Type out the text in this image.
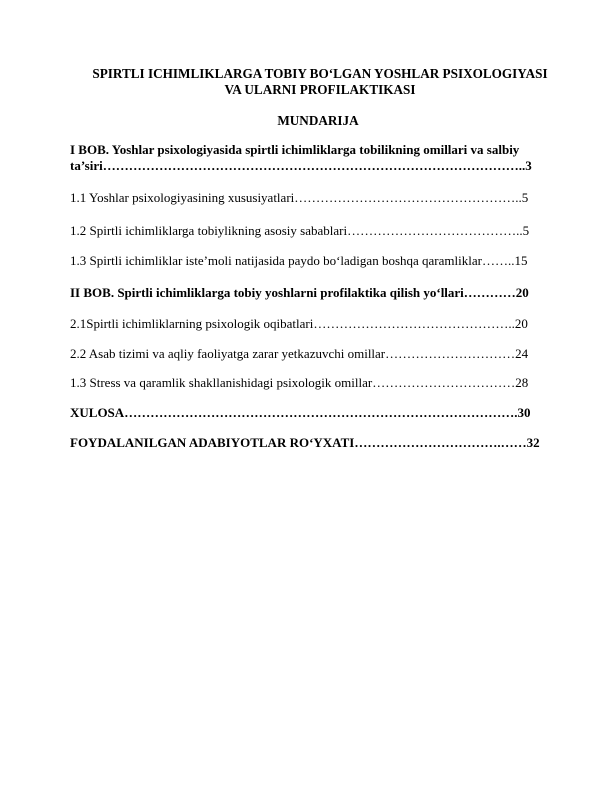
SPIRTLI ICHIMLIKLARGA TOBIY BO‘LGAN YOSHLAR PSIXOLOGIYASI
VA ULARNI PROFILAKTIKASI
MUNDARIJA
I BOB. Yoshlar psixologiyasida spirtli ichimliklarga tobilikning omillari va salbiy
ta’siri……………………………………………………………………………………..3
1.1 Yoshlar psixologiyasining xususiyatlari……………………………………………..5
1.2 Spirtli ichimliklarga tobiylikning asosiy sabablari…………………………………..5
1.3 Spirtli ichimliklar iste’moli natijasida paydo bo‘ladigan boshqa qaramliklar……..15
II BOB. Spirtli ichimliklarga tobiy yoshlarni profilaktika qilish yo‘llari…………20
2.1Spirtli ichimliklarning psixologik oqibatlari………………………………………..20
2.2 Asab tizimi va aqliy faoliyatga zarar yetkazuvchi omillar…………………………24
1.3 Stress va qaramlik shakllanishidagi psixologik omillar……………………………28
XULOSA……………………………………………………………………………….30
FOYDALANILGAN ADABIYOTLAR RO‘YXATI…………………………….……32
